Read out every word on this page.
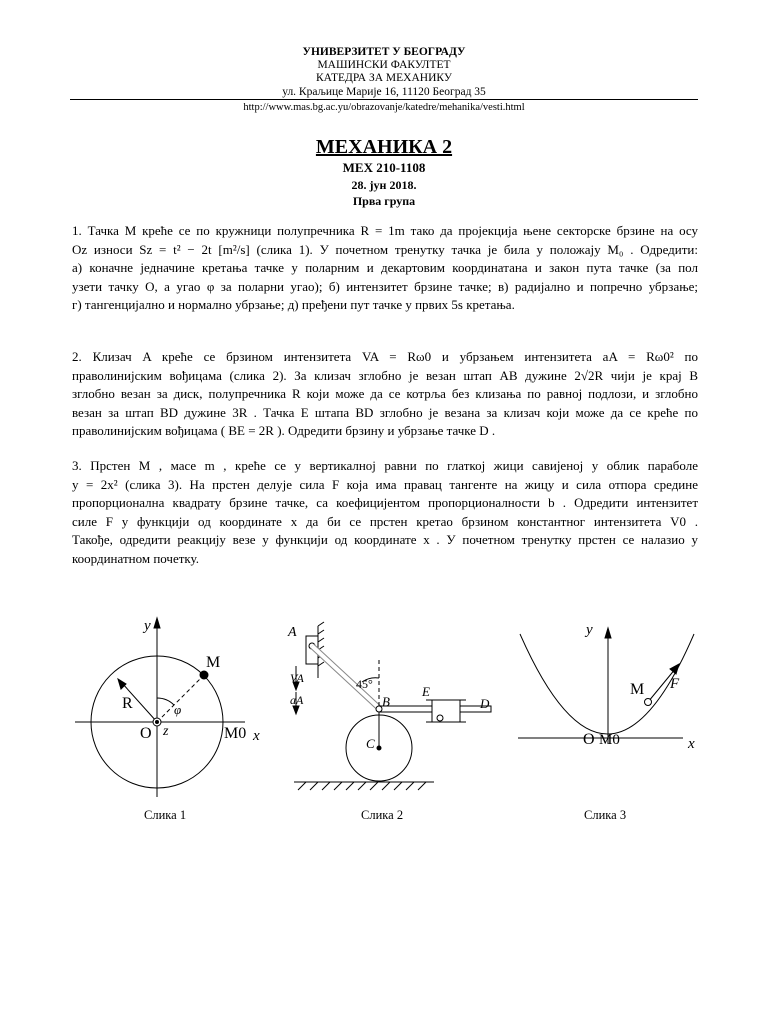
УНИВЕРЗИТЕТ У БЕОГРАДУ
МАШИНСКИ ФАКУЛТЕТ
КАТЕДРА ЗА МЕХАНИКУ
ул. Краљице Марије 16, 11120 Београд 35
http://www.mas.bg.ac.yu/obrazovanje/katedre/mehanika/vesti.html
МЕХАНИКА 2
МЕХ 210-1108
28. јун 2018.
Прва група
1. Тачка M креће се по кружници полупречника R = 1m тако да пројекција њене секторске брзине на осу
Oz износи Sz = t² − 2t [m²/s] (слика 1). У почетном тренутку тачка је била у положају M₀ . Одредити:
а) коначне једначине кретања тачке у поларним и декартовим координатана и закон пута тачке (за пол
узети тачку О, а угао φ за поларни угао); б) интензитет брзине тачке; в) радијално и попречно убрзање;
г) тангенцијално и нормално убрзање; д) пређени пут тачке у првих 5s кретања.
2. Клизач A креће се брзином интензитета VA = Rω0 и убрзањем интензитета aA = Rω0² по
праволинијским вођицама (слика 2). За клизач зглобно је везан штап AB дужине 2√2R чији је крај B
зглобно везан за диск, полупречника R који може да се котрља без клизања по равној подлози, и зглобно
везан за штап BD дужине 3R . Тачка E штапа BD зглобно је везана за клизач који може да се креће по
праволинијским вођицама ( BE = 2R ). Одредити брзину и убрзање тачке D .
3. Прстен M , масе m , креће се у вертикалној равни по глаткој жици савијеној у облик параболе
y = 2x² (слика 3). На прстен делује сила F која има правац тангенте на жицу и сила отпора средине
пропорционална квадрату брзине тачке, са коефицијентом пропорционалности b . Одредити интензитет
силе F у функцији од координате x да би се прстен кретао брзином константног интензитета V0 .
Такође, одредити реакцију везе у функцији од координате x . У почетном тренутку прстен се налазио у
координатном почетку.
y
x
M
R
O z	M0
φ
Слика 1
A
VA
aA
45°
B
E
D
C
Слика 2
y
x
M F
O M0
Слика 3
